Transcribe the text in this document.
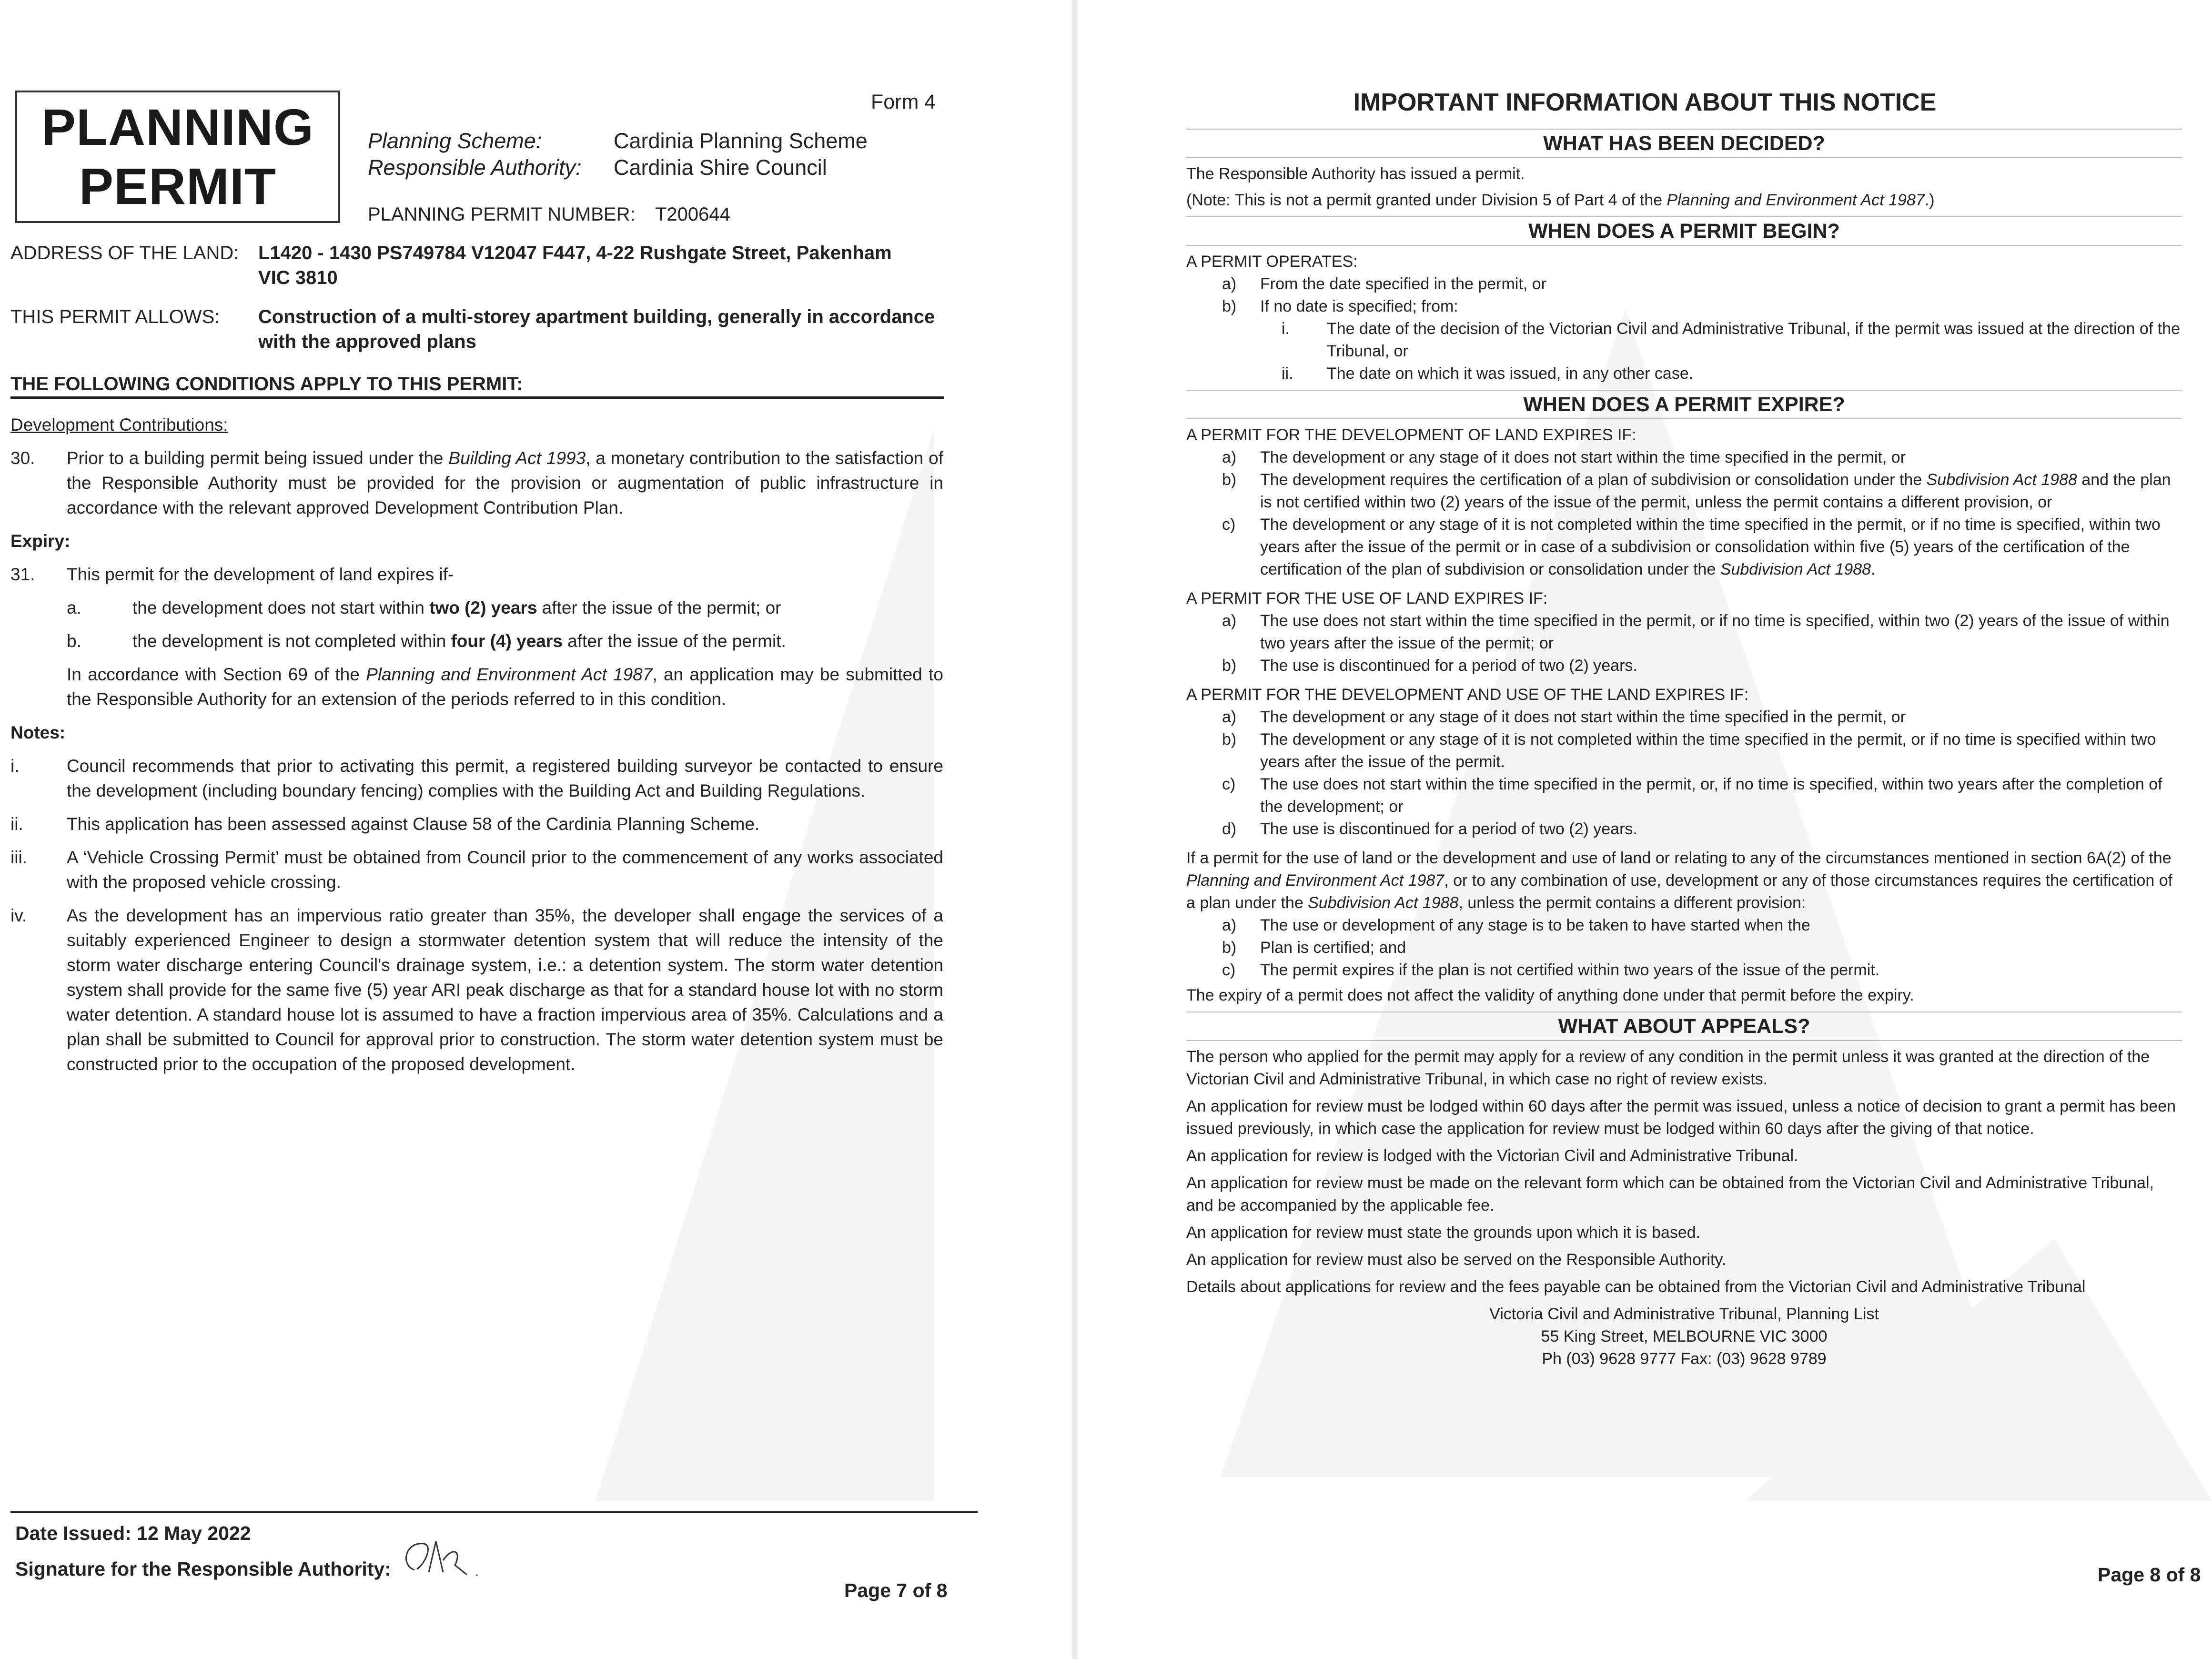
Form 4
PLANNING
PERMIT
Planning Scheme:	Cardinia Planning Scheme
Responsible Authority:	Cardinia Shire Council
PLANNING PERMIT NUMBER:	T200644
ADDRESS OF THE LAND:	L1420 - 1430 PS749784 V12047 F447, 4-22 Rushgate Street, Pakenham
VIC 3810
THIS PERMIT ALLOWS:	Construction of a multi-storey apartment building, generally in accordance
with the approved plans
THE FOLLOWING CONDITIONS APPLY TO THIS PERMIT:

Development Contributions:

30.	Prior to a building permit being issued under the Building Act 1993, a monetary contribution to the satisfaction of the Responsible Authority must be provided for the provision or augmentation of public infrastructure in accordance with the relevant approved Development Contribution Plan.

Expiry:

31.	This permit for the development of land expires if-

a.	the development does not start within two (2) years after the issue of the permit; or

b.	the development is not completed within four (4) years after the issue of the permit.

In accordance with Section 69 of the Planning and Environment Act 1987, an application may be submitted to the Responsible Authority for an extension of the periods referred to in this condition.

Notes:

i.	Council recommends that prior to activating this permit, a registered building surveyor be contacted to ensure the development (including boundary fencing) complies with the Building Act and Building Regulations.

ii.	This application has been assessed against Clause 58 of the Cardinia Planning Scheme.

iii.	A ‘Vehicle Crossing Permit’ must be obtained from Council prior to the commencement of any works associated with the proposed vehicle crossing.

iv.	As the development has an impervious ratio greater than 35%, the developer shall engage the services of a suitably experienced Engineer to design a stormwater detention system that will reduce the intensity of the storm water discharge entering Council's drainage system, i.e.: a detention system. The storm water detention system shall provide for the same five (5) year ARI peak discharge as that for a standard house lot with no storm water detention. A standard house lot is assumed to have a fraction impervious area of 35%. Calculations and a plan shall be submitted to Council for approval prior to construction. The storm water detention system must be constructed prior to the occupation of the proposed development.

Date Issued: 12 May 2022
Signature for the Responsible Authority:
Page 7 of 8
IMPORTANT INFORMATION ABOUT THIS NOTICE

WHAT HAS BEEN DECIDED?

The Responsible Authority has issued a permit.
(Note: This is not a permit granted under Division 5 of Part 4 of the Planning and Environment Act 1987.)

WHEN DOES A PERMIT BEGIN?

A PERMIT OPERATES:
a)	From the date specified in the permit, or
b)	If no date is specified; from:
i.	The date of the decision of the Victorian Civil and Administrative Tribunal, if the permit was issued at the direction of the Tribunal, or
ii.	The date on which it was issued, in any other case.

WHEN DOES A PERMIT EXPIRE?

A PERMIT FOR THE DEVELOPMENT OF LAND EXPIRES IF:
a)	The development or any stage of it does not start within the time specified in the permit, or
b)	The development requires the certification of a plan of subdivision or consolidation under the Subdivision Act 1988 and the plan is not certified within two (2) years of the issue of the permit, unless the permit contains a different provision, or
c)	The development or any stage of it is not completed within the time specified in the permit, or if no time is specified, within two years after the issue of the permit or in case of a subdivision or consolidation within five (5) years of the certification of the certification of the plan of subdivision or consolidation under the Subdivision Act 1988.
A PERMIT FOR THE USE OF LAND EXPIRES IF:
a)	The use does not start within the time specified in the permit, or if no time is specified, within two (2) years of the issue of within two years after the issue of the permit; or
b)	The use is discontinued for a period of two (2) years.
A PERMIT FOR THE DEVELOPMENT AND USE OF THE LAND EXPIRES IF:
a)	The development or any stage of it does not start within the time specified in the permit, or
b)	The development or any stage of it is not completed within the time specified in the permit, or if no time is specified within two years after the issue of the permit.
c)	The use does not start within the time specified in the permit, or, if no time is specified, within two years after the completion of the development; or
d)	The use is discontinued for a period of two (2) years.
If a permit for the use of land or the development and use of land or relating to any of the circumstances mentioned in section 6A(2) of the Planning and Environment Act 1987, or to any combination of use, development or any of those circumstances requires the certification of a plan under the Subdivision Act 1988, unless the permit contains a different provision:
a)	The use or development of any stage is to be taken to have started when the
b)	Plan is certified; and
c)	The permit expires if the plan is not certified within two years of the issue of the permit.
The expiry of a permit does not affect the validity of anything done under that permit before the expiry.

WHAT ABOUT APPEALS?

The person who applied for the permit may apply for a review of any condition in the permit unless it was granted at the direction of the Victorian Civil and Administrative Tribunal, in which case no right of review exists.
An application for review must be lodged within 60 days after the permit was issued, unless a notice of decision to grant a permit has been issued previously, in which case the application for review must be lodged within 60 days after the giving of that notice.
An application for review is lodged with the Victorian Civil and Administrative Tribunal.
An application for review must be made on the relevant form which can be obtained from the Victorian Civil and Administrative Tribunal, and be accompanied by the applicable fee.
An application for review must state the grounds upon which it is based.
An application for review must also be served on the Responsible Authority.
Details about applications for review and the fees payable can be obtained from the Victorian Civil and Administrative Tribunal
Victoria Civil and Administrative Tribunal, Planning List
55 King Street, MELBOURNE VIC 3000
Ph (03) 9628 9777 Fax: (03) 9628 9789
Page 8 of 8
